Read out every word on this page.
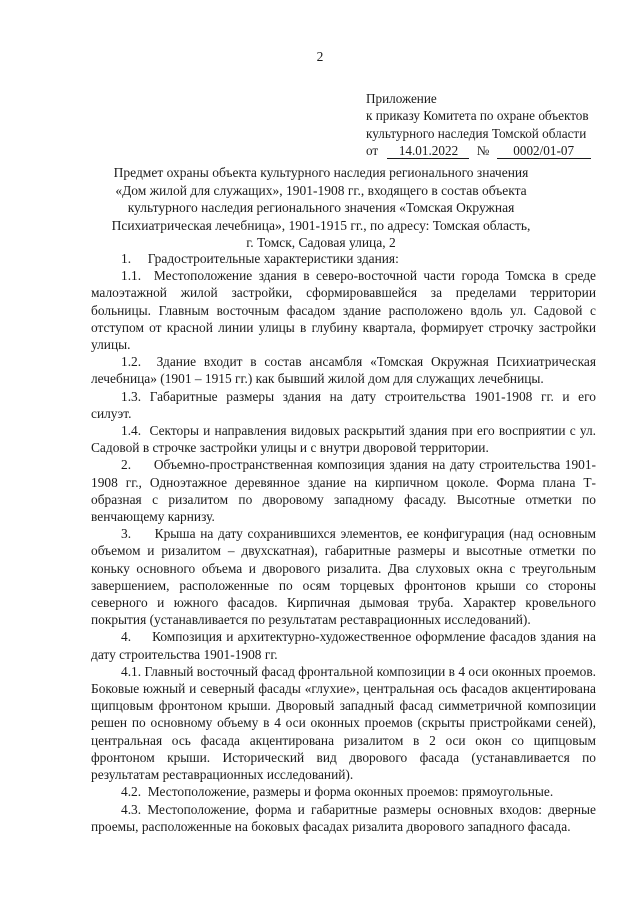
2
Приложение
к приказу Комитета по охране объектов
культурного наследия Томской области
от 14.01.2022 № 0002/01-07
Предмет охраны объекта культурного наследия регионального значения
«Дом жилой для служащих», 1901-1908 гг., входящего в состав объекта
культурного наследия регионального значения «Томская Окружная
Психиатрическая лечебница», 1901-1915 гг., по адресу: Томская область,
г. Томск, Садовая улица, 2

1.     Градостроительные характеристики здания:

1.1.  Местоположение здания в северо-восточной части города Томска в среде малоэтажной жилой застройки, сформировавшейся за пределами территории больницы. Главным восточным фасадом здание расположено вдоль ул. Садовой с отступом от красной линии улицы в глубину квартала, формирует строчку застройки улицы.

1.2.  Здание входит в состав ансамбля «Томская Окружная Психиатрическая лечебница» (1901 – 1915 гг.) как бывший жилой дом для служащих лечебницы.

1.3. Габаритные размеры здания на дату строительства 1901-1908 гг. и его силуэт.

1.4.  Секторы и направления видовых раскрытий здания при его восприятии с ул. Садовой в строчке застройки улицы и с внутри дворовой территории.

2.     Объемно-пространственная композиция здания на дату строительства 1901-1908 гг., Одноэтажное деревянное здание на кирпичном цоколе. Форма плана Т-образная с ризалитом по дворовому западному фасаду. Высотные отметки по венчающему карнизу.

3.     Крыша на дату сохранившихся элементов, ее конфигурация (над основным объемом и ризалитом – двухскатная), габаритные размеры и высотные отметки по коньку основного объема и дворового ризалита. Два слуховых окна с треугольным завершением, расположенные по осям торцевых фронтонов крыши со стороны северного и южного фасадов. Кирпичная дымовая труба. Характер кровельного покрытия (устанавливается по результатам реставрационных исследований).

4.     Композиция и архитектурно-художественное оформление фасадов здания на дату строительства 1901-1908 гг.

4.1. Главный восточный фасад фронтальной композиции в 4 оси оконных проемов. Боковые южный и северный фасады «глухие», центральная ось фасадов акцентирована щипцовым фронтоном крыши. Дворовый западный фасад симметричной композиции решен по основному объему в 4 оси оконных проемов (скрыты пристройками сеней), центральная ось фасада акцентирована ризалитом в 2 оси окон со щипцовым фронтоном крыши. Исторический вид дворового фасада (устанавливается по результатам реставрационных исследований).

4.2.  Местоположение, размеры и форма оконных проемов: прямоугольные.

4.3. Местоположение, форма и габаритные размеры основных входов: дверные проемы, расположенные на боковых фасадах ризалита дворового западного фасада.
